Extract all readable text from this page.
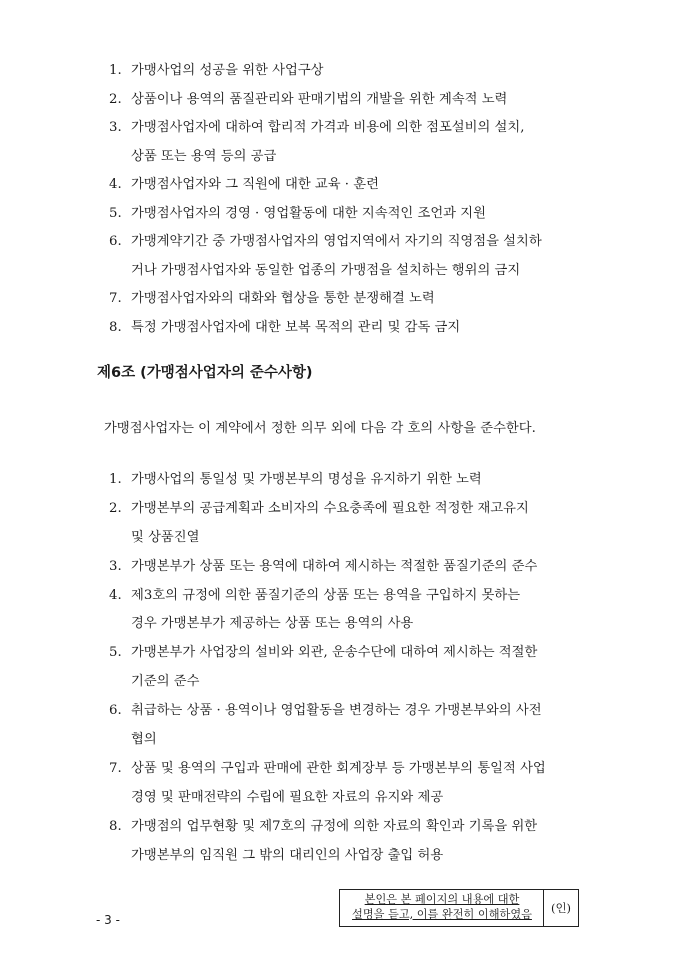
1. 가맹사업의 성공을 위한 사업구상
2. 상품이나 용역의 품질관리와 판매기법의 개발을 위한 계속적 노력
3. 가맹점사업자에 대하여 합리적 가격과 비용에 의한 점포설비의 설치,
상품 또는 용역 등의 공급
4. 가맹점사업자와 그 직원에 대한 교육 · 훈련
5. 가맹점사업자의 경영 · 영업활동에 대한 지속적인 조언과 지원
6. 가맹계약기간 중 가맹점사업자의 영업지역에서 자기의 직영점을 설치하
거나 가맹점사업자와 동일한 업종의 가맹점을 설치하는 행위의 금지
7. 가맹점사업자와의 대화와 협상을 통한 분쟁해결 노력
8. 특정 가맹점사업자에 대한 보복 목적의 관리 및 감독 금지
제6조 (가맹점사업자의 준수사항)
가맹점사업자는 이 계약에서 정한 의무 외에 다음 각 호의 사항을 준수한다.
1. 가맹사업의 통일성 및 가맹본부의 명성을 유지하기 위한 노력
2. 가맹본부의 공급계획과 소비자의 수요충족에 필요한 적정한 재고유지
및 상품진열
3. 가맹본부가 상품 또는 용역에 대하여 제시하는 적절한 품질기준의 준수
4. 제3호의 규정에 의한 품질기준의 상품 또는 용역을 구입하지 못하는
경우 가맹본부가 제공하는 상품 또는 용역의 사용
5. 가맹본부가 사업장의 설비와 외관, 운송수단에 대하여 제시하는 적절한
기준의 준수
6. 취급하는 상품 · 용역이나 영업활동을 변경하는 경우 가맹본부와의 사전
협의
7. 상품 및 용역의 구입과 판매에 관한 회계장부 등 가맹본부의 통일적 사업
경영 및 판매전략의 수립에 필요한 자료의 유지와 제공
8. 가맹점의 업무현황 및 제7호의 규정에 의한 자료의 확인과 기록을 위한
가맹본부의 임직원 그 밖의 대리인의 사업장 출입 허용
- 3 -
본인은 본 페이지의 내용에 대한
설명을 듣고, 이를 완전히 이해하였음	(인)
